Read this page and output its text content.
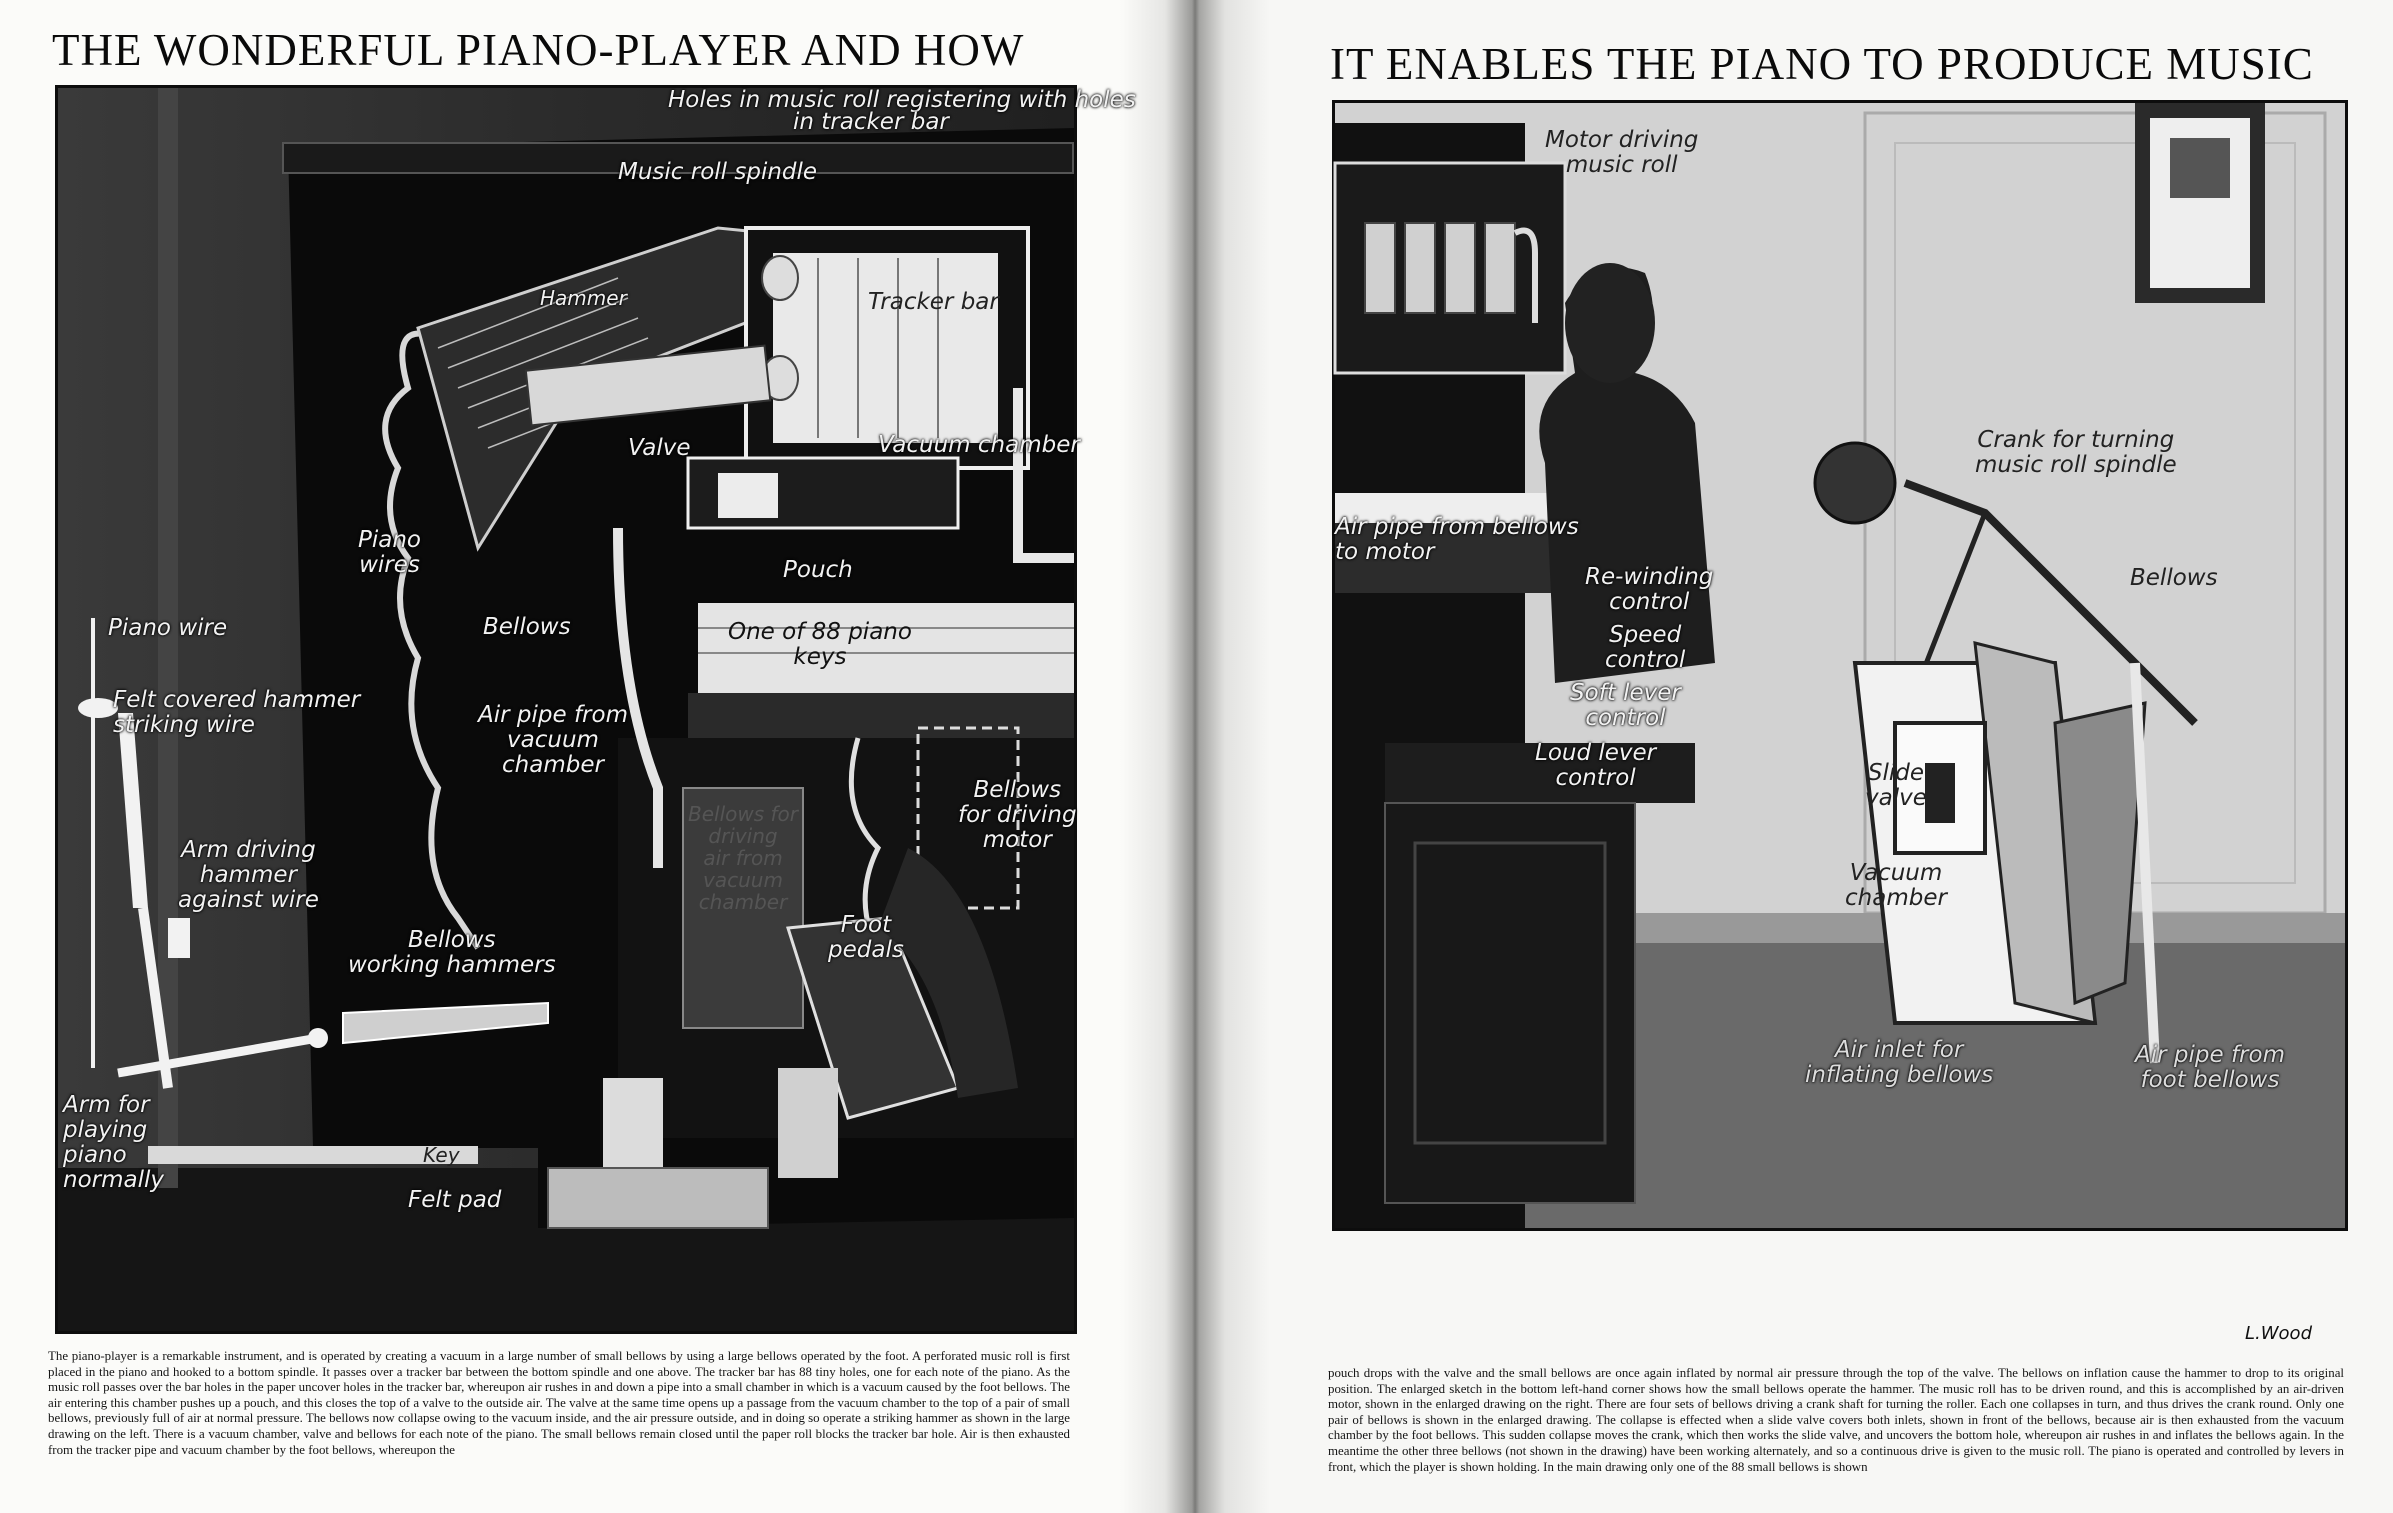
THE WONDERFUL PIANO-PLAYER AND HOW	IT ENABLES THE PIANO TO PRODUCE MUSIC
Holes in music roll registering with holes
in tracker bar
Music roll spindle
Hammer	Tracker bar
Valve	Vacuum chamber
Piano
wires	Pouch
Piano wire	Bellows	One of 88 piano
keys
Felt covered hammer
striking wire	Air pipe from
vacuum
chamber
Bellows
for driving
motor
Bellows for
driving
air from
vacuum
chamber
Arm driving
hammer
against wire
Foot
pedals
Bellows
working hammers
Arm for
playing
piano
normally
Key
Felt pad
Motor driving
music roll
Crank for turning
music roll spindle
Air pipe from bellows
to motor
Re-winding
control
Bellows
Speed
control
Soft lever
control
Loud lever
control	Slide
valve
Vacuum
chamber
Air inlet for
inflating bellows
Air pipe from
foot bellows
L.Wood
The piano-player is a remarkable instrument, and is operated by creating a vacuum in a large number of small bellows by using a large bellows operated by the foot. A perforated music roll is first placed in the piano and hooked to a bottom spindle. It passes over a tracker bar between the bottom spindle and one above. The tracker bar has 88 tiny holes, one for each note of the piano. As the music roll passes over the bar holes in the paper uncover holes in the tracker bar, whereupon air rushes in and down a pipe into a small chamber in which is a vacuum caused by the foot bellows. The air entering this chamber pushes up a pouch, and this closes the top of a valve to the outside air. The valve at the same time opens up a passage from the vacuum chamber to the top of a pair of small bellows, previously full of air at normal pressure. The bellows now collapse owing to the vacuum inside, and the air pressure outside, and in doing so operate a striking hammer as shown in the large drawing on the left. There is a vacuum chamber, valve and bellows for each note of the piano. The small bellows remain closed until the paper roll blocks the tracker bar hole. Air is then exhausted from the tracker pipe and vacuum chamber by the foot bellows, whereupon the
pouch drops with the valve and the small bellows are once again inflated by normal air pressure through the top of the valve. The bellows on inflation cause the hammer to drop to its original position. The enlarged sketch in the bottom left-hand corner shows how the small bellows operate the hammer. The music roll has to be driven round, and this is accomplished by an air-driven motor, shown in the enlarged drawing on the right. There are four sets of bellows driving a crank shaft for turning the roller. Each one collapses in turn, and thus drives the crank round. Only one pair of bellows is shown in the enlarged drawing. The collapse is effected when a slide valve covers both inlets, shown in front of the bellows, because air is then exhausted from the vacuum chamber by the foot bellows. This sudden collapse moves the crank, which then works the slide valve, and uncovers the bottom hole, whereupon air rushes in and inflates the bellows again. In the meantime the other three bellows (not shown in the drawing) have been working alternately, and so a continuous drive is given to the music roll. The piano is operated and controlled by levers in front, which the player is shown holding. In the main drawing only one of the 88 small bellows is shown
